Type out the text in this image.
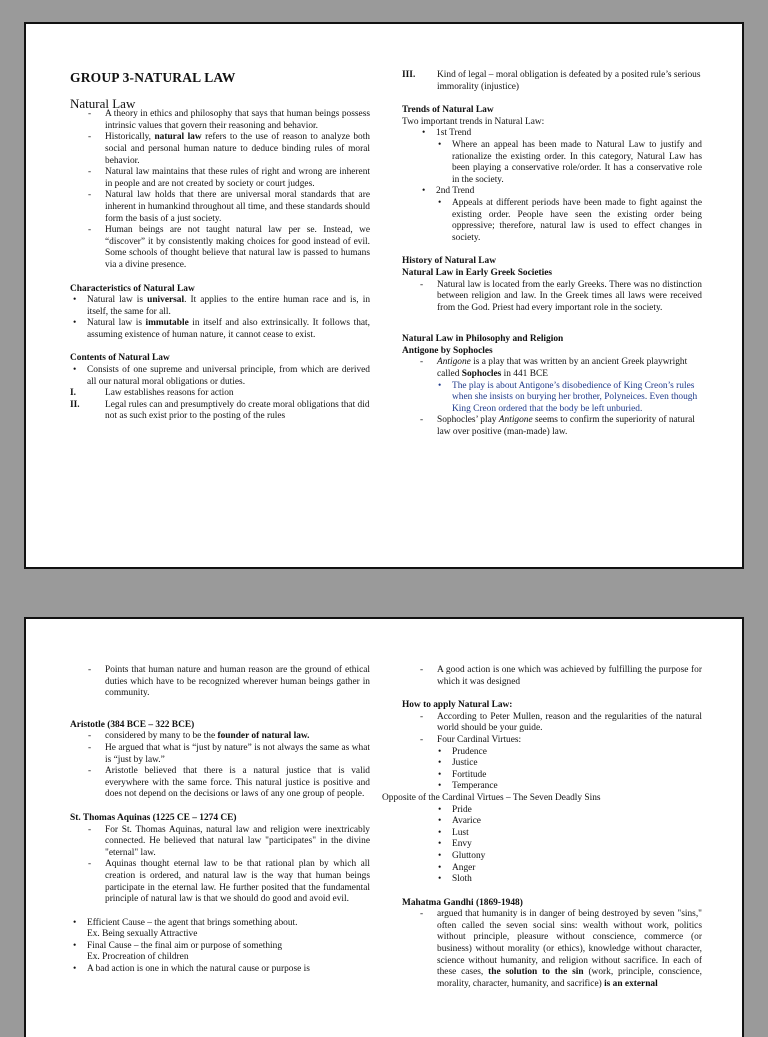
GROUP 3-NATURAL LAW

Natural Law

- A theory in ethics and philosophy that says that human beings possess intrinsic values that govern their reasoning and behavior.
- Historically, natural law refers to the use of reason to analyze both social and personal human nature to deduce binding rules of moral behavior.
- Natural law maintains that these rules of right and wrong are inherent in people and are not created by society or court judges.
- Natural law holds that there are universal moral standards that are inherent in humankind throughout all time, and these standards should form the basis of a just society.
- Human beings are not taught natural law per se. Instead, we “discover” it by consistently making choices for good instead of evil. Some schools of thought believe that natural law is passed to humans via a divine presence.

Characteristics of Natural Law

• Natural law is universal. It applies to the entire human race and is, in itself, the same for all.
• Natural law is immutable in itself and also extrinsically. It follows that, assuming existence of human nature, it cannot cease to exist.

Contents of Natural Law

• Consists of one supreme and universal principle, from which are derived all our natural moral obligations or duties.
I.	Law establishes reasons for action
II.	Legal rules can and presumptively do create moral obligations that did not as such exist prior to the posting of the rules
III. Kind of legal – moral obligation is defeated by a posited rule’s serious immorality (injustice)

Trends of Natural Law

Two important trends in Natural Law:

• 1st Trend
• Where an appeal has been made to Natural Law to justify and rationalize the existing order. In this category, Natural Law has been playing a conservative role/order. It has a conservative role in the society.
• 2nd Trend
• Appeals at different periods have been made to fight against the existing order. People have seen the existing order being oppressive; therefore, natural law is used to effect changes in society.

History of Natural Law

Natural Law in Early Greek Societies

- Natural law is located from the early Greeks. There was no distinction between religion and law. In the Greek times all laws were received from the God. Priest had every important role in the society.

Natural Law in Philosophy and Religion

Antigone by Sophocles

- Antigone is a play that was written by an ancient Greek playwright called Sophocles in 441 BCE
• The play is about Antigone’s disobedience of King Creon’s rules when she insists on burying her brother, Polyneices. Even though King Creon ordered that the body be left unburied.
- Sophocles’ play Antigone seems to confirm the superiority of natural law over positive (man-made) law.
- Points that human nature and human reason are the ground of ethical duties which have to be recognized wherever human beings gather in community.

Aristotle (384 BCE – 322 BCE)

- considered by many to be the founder of natural law.
- He argued that what is “just by nature” is not always the same as what is “just by law.”
- Aristotle believed that there is a natural justice that is valid everywhere with the same force. This natural justice is positive and does not depend on the decisions or laws of any one group of people.

St. Thomas Aquinas (1225 CE – 1274 CE)

- For St. Thomas Aquinas, natural law and religion were inextricably connected. He believed that natural law "participates" in the divine "eternal" law.
- Aquinas thought eternal law to be that rational plan by which all creation is ordered, and natural law is the way that human beings participate in the eternal law. He further posited that the fundamental principle of natural law is that we should do good and avoid evil.
• Efficient Cause – the agent that brings something about.
Ex. Being sexually Attractive
• Final Cause – the final aim or purpose of something
Ex. Procreation of children
• A bad action is one in which the natural cause or purpose is
- A good action is one which was achieved by fulfilling the purpose for which it was designed

How to apply Natural Law:

- According to Peter Mullen, reason and the regularities of the natural world should be your guide.
- Four Cardinal Virtues:
• Prudence
• Justice
• Fortitude
• Temperance

Opposite of the Cardinal Virtues – The Seven Deadly Sins

• Pride
• Avarice
• Lust
• Envy
• Gluttony
• Anger
• Sloth

Mahatma Gandhi (1869-1948)

- argued that humanity is in danger of being destroyed by seven "sins," often called the seven social sins: wealth without work, politics without principle, pleasure without conscience, commerce (or business) without morality (or ethics), knowledge without character, science without humanity, and religion without sacrifice. In each of these cases, the solution to the sin (work, principle, conscience, morality, character, humanity, and sacrifice) is an external
